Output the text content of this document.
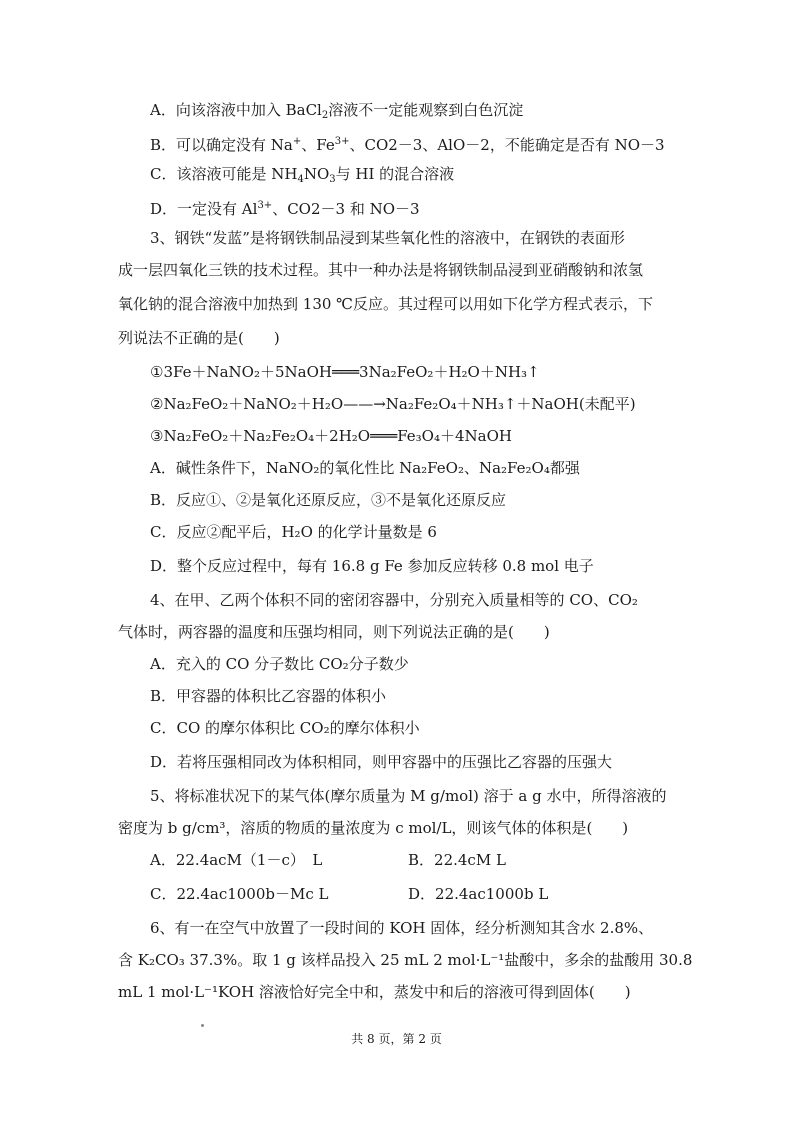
A．向该溶液中加入 BaCl$_2$溶液不一定能观察到白色沉淀
B．可以确定没有 Na+、$Fe^{3+}$、CO2－3、AlO－2，不能确定是否有 NO－3
C．该溶液可能是 $NH_4NO_3$与 HI 的混合溶液
D．一定没有 $Al^{3+}$、CO2－3 和 NO－3
3、钢铁“发蓝”是将钢铁制品浸到某些氧化性的溶液中，在钢铁的表面形
成一层四氧化三铁的技术过程。其中一种办法是将钢铁制品浸到亚硝酸钠和浓氢
氧化钠的混合溶液中加热到 130 ℃反应。其过程可以用如下化学方程式表示，下
列说法不正确的是(　　)
①3Fe＋NaNO₂＋5NaOH═══3Na₂FeO₂＋H₂O＋NH₃↑
②Na₂FeO₂＋NaNO₂＋H₂O——→Na₂Fe₂O₄＋NH₃↑＋NaOH(未配平)
③Na₂FeO₂＋Na₂Fe₂O₄＋2H₂O═══Fe₃O₄＋4NaOH
A．碱性条件下，NaNO₂的氧化性比 Na₂FeO₂、Na₂Fe₂O₄都强
B．反应①、②是氧化还原反应，③不是氧化还原反应
C．反应②配平后，H₂O 的化学计量数是 6
D．整个反应过程中，每有 16.8 g Fe 参加反应转移 0.8 mol 电子
4、在甲、乙两个体积不同的密闭容器中，分别充入质量相等的 CO、CO₂
气体时，两容器的温度和压强均相同，则下列说法正确的是(　　)
A．充入的 CO 分子数比 CO₂分子数少
B．甲容器的体积比乙容器的体积小
C．CO 的摩尔体积比 CO₂的摩尔体积小
D．若将压强相同改为体积相同，则甲容器中的压强比乙容器的压强大
5、将标准状况下的某气体(摩尔质量为 M g/mol) 溶于 a g 水中，所得溶液的
密度为 b g/cm³，溶质的物质的量浓度为 c mol/L，则该气体的体积是(　　)
A．22.4acM（1－c）　L	B．22.4cM L
C．22.4ac1000b－Mc L	D．22.4ac1000b L
6、有一在空气中放置了一段时间的 KOH 固体，经分析测知其含水 2.8%、
含 K₂CO₃ 37.3%。取 1 g 该样品投入 25 mL 2 mol·L⁻¹盐酸中，多余的盐酸用 30.8
mL 1 mol·L⁻¹KOH 溶液恰好完全中和，蒸发中和后的溶液可得到固体(　　)
共 8 页，第 2 页
